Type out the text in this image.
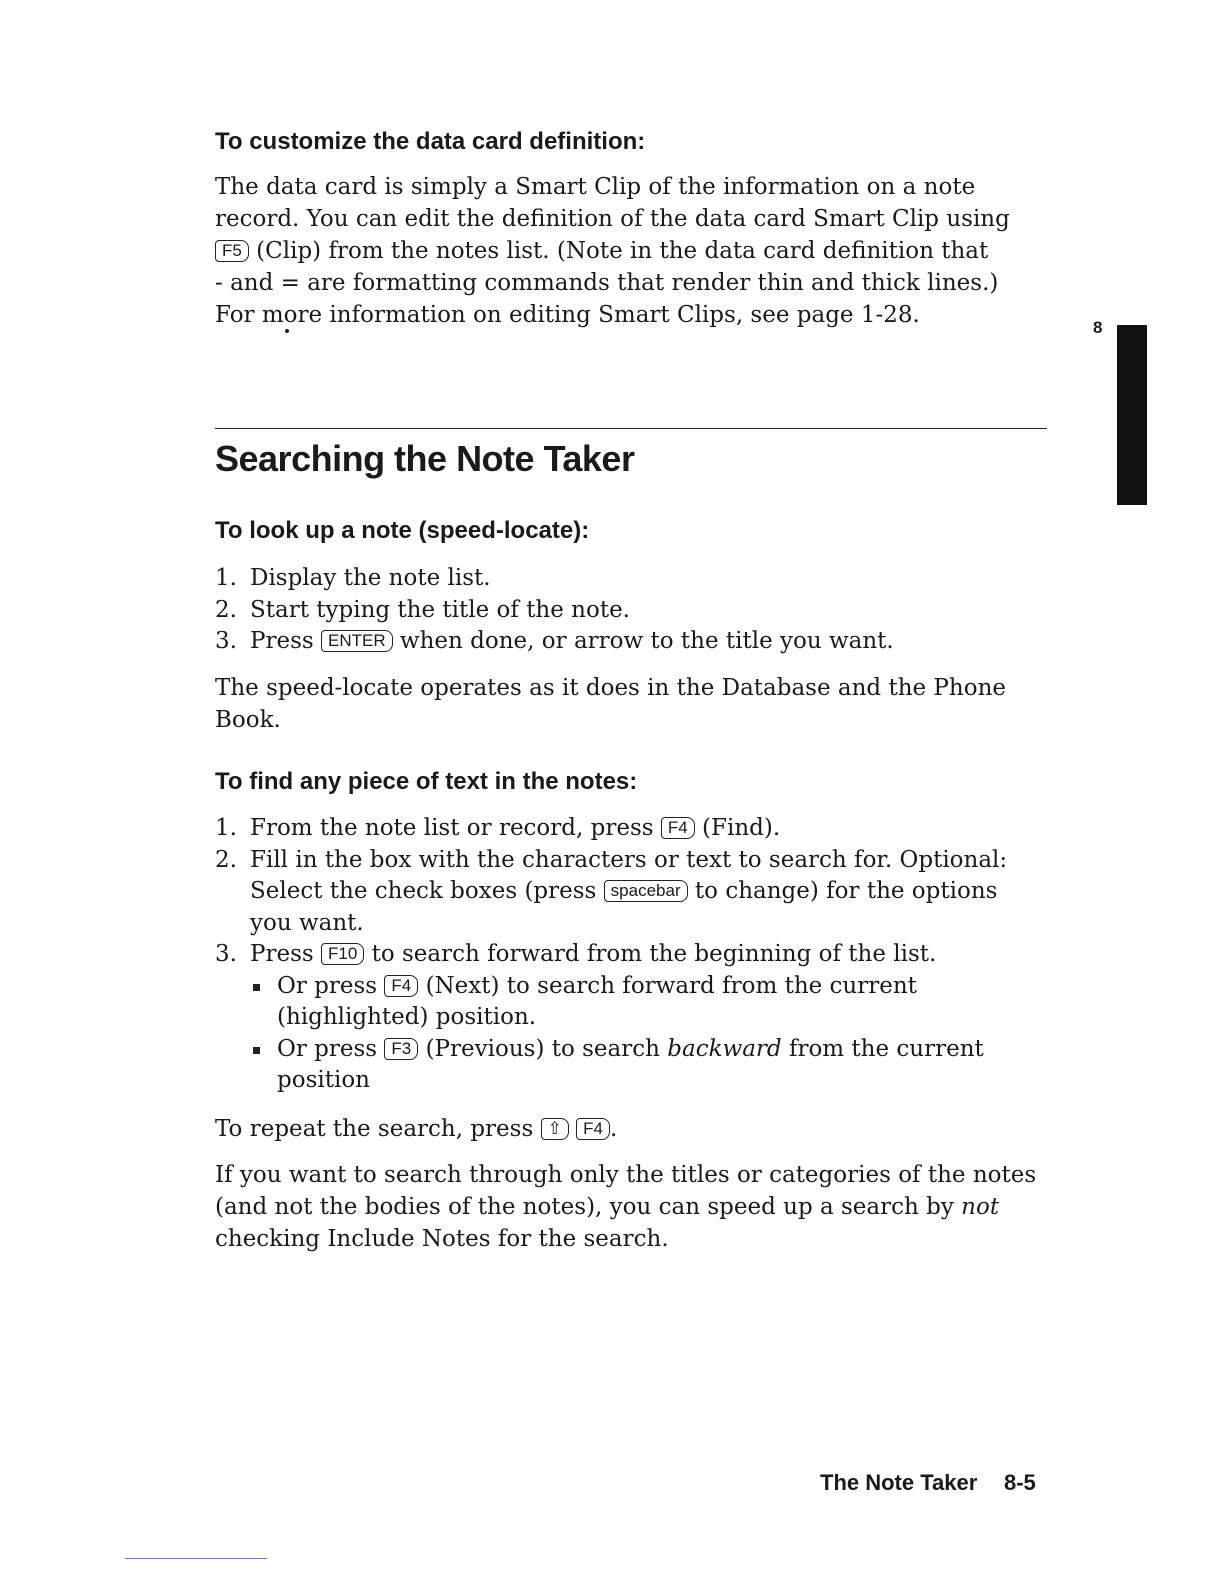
To customize the data card definition:
The data card is simply a Smart Clip of the information on a note
record. You can edit the definition of the data card Smart Clip using
F5 (Clip) from the notes list. (Note in the data card definition that
- and = are formatting commands that render thin and thick lines.)
For more information on editing Smart Clips, see page 1-28.	8
Searching the Note Taker
To look up a note (speed-locate):
1. Display the note list.
2. Start typing the title of the note.
3. Press ENTER when done, or arrow to the title you want.
The speed-locate operates as it does in the Database and the Phone
Book.
To find any piece of text in the notes:
1. From the note list or record, press F4 (Find).
2. Fill in the box with the characters or text to search for. Optional:
Select the check boxes (press spacebar to change) for the options
you want.
3. Press F10 to search forward from the beginning of the list.
Or press F4 (Next) to search forward from the current
(highlighted) position.
Or press F3 (Previous) to search backward from the current
position
To repeat the search, press ⇧ F4 .
If you want to search through only the titles or categories of the notes
(and not the bodies of the notes), you can speed up a search by not
checking Include Notes for the search.
The Note Taker 8-5
